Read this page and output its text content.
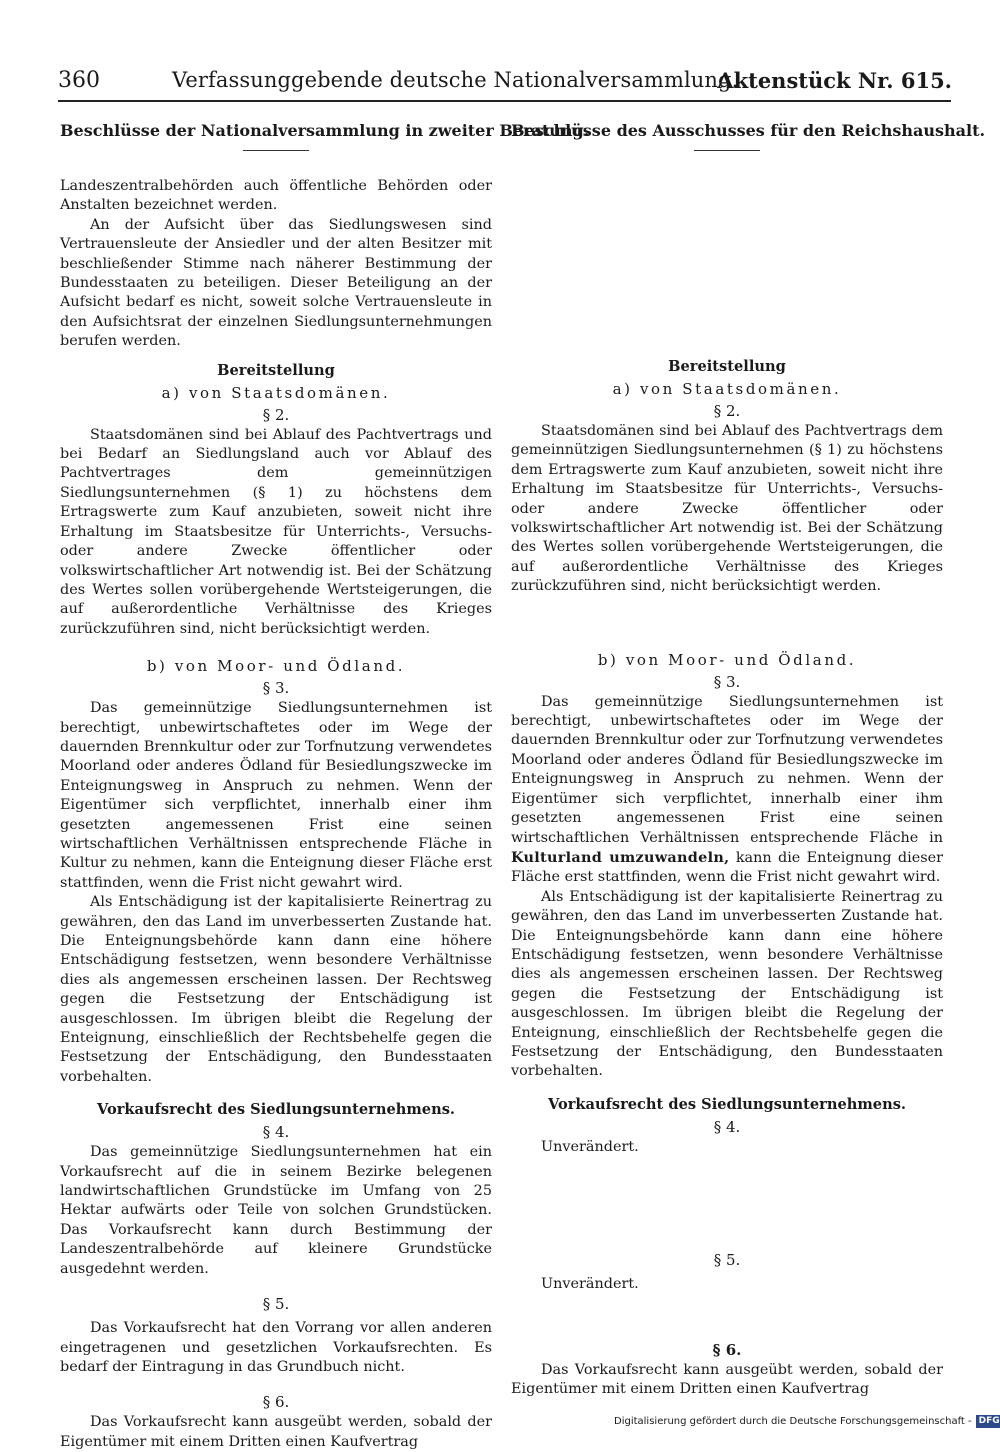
360	Verfassunggebende deutsche Nationalversammlung.
Aktenstück Nr. 615.
Beschlüsse der Nationalversammlung in zweiter Beratung.

Landeszentralbehörden auch öffentliche Behörden oder Anstalten bezeichnet werden.

An der Aufsicht über das Siedlungswesen sind Vertrauensleute der Ansiedler und der alten Besitzer mit beschließender Stimme nach näherer Bestimmung der Bundesstaaten zu beteiligen. Dieser Beteiligung an der Aufsicht bedarf es nicht, soweit solche Vertrauensleute in den Aufsichtsrat der einzelnen Siedlungsunternehmungen berufen werden.

Bereitstellung
a) von Staatsdomänen.
§ 2.

Staatsdomänen sind bei Ablauf des Pachtvertrags und bei Bedarf an Siedlungsland auch vor Ablauf des Pachtvertrages dem gemeinnützigen Siedlungsunternehmen (§ 1) zu höchstens dem Ertragswerte zum Kauf anzubieten, soweit nicht ihre Erhaltung im Staatsbesitze für Unterrichts-, Versuchs- oder andere Zwecke öffentlicher oder volkswirtschaftlicher Art notwendig ist. Bei der Schätzung des Wertes sollen vorübergehende Wertsteigerungen, die auf außerordentliche Verhältnisse des Krieges zurückzuführen sind, nicht berücksichtigt werden.

b) von Moor- und Ödland.
§ 3.

Das gemeinnützige Siedlungsunternehmen ist berechtigt, unbewirtschaftetes oder im Wege der dauernden Brennkultur oder zur Torfnutzung verwendetes Moorland oder anderes Ödland für Besiedlungszwecke im Enteignungsweg in Anspruch zu nehmen. Wenn der Eigentümer sich verpflichtet, innerhalb einer ihm gesetzten angemessenen Frist eine seinen wirtschaftlichen Verhältnissen entsprechende Fläche in Kultur zu nehmen, kann die Enteignung dieser Fläche erst stattfinden, wenn die Frist nicht gewahrt wird.

Als Entschädigung ist der kapitalisierte Reinertrag zu gewähren, den das Land im unverbesserten Zustande hat. Die Enteignungsbehörde kann dann eine höhere Entschädigung festsetzen, wenn besondere Verhältnisse dies als angemessen erscheinen lassen. Der Rechtsweg gegen die Festsetzung der Entschädigung ist ausgeschlossen. Im übrigen bleibt die Regelung der Enteignung, einschließlich der Rechtsbehelfe gegen die Festsetzung der Entschädigung, den Bundesstaaten vorbehalten.

Vorkaufsrecht des Siedlungsunternehmens.
§ 4.

Das gemeinnützige Siedlungsunternehmen hat ein Vorkaufsrecht auf die in seinem Bezirke belegenen landwirtschaftlichen Grundstücke im Umfang von 25 Hektar aufwärts oder Teile von solchen Grundstücken. Das Vorkaufsrecht kann durch Bestimmung der Landeszentralbehörde auf kleinere Grundstücke ausgedehnt werden.

§ 5.

Das Vorkaufsrecht hat den Vorrang vor allen anderen eingetragenen und gesetzlichen Vorkaufsrechten. Es bedarf der Eintragung in das Grundbuch nicht.

§ 6.

Das Vorkaufsrecht kann ausgeübt werden, sobald der Eigentümer mit einem Dritten einen Kaufvertrag

Beschlüsse des Ausschusses für den Reichshaushalt.
Bereitstellung
a) von Staatsdomänen.
§ 2.

Staatsdomänen sind bei Ablauf des Pachtvertrags dem gemeinnützigen Siedlungsunternehmen (§ 1) zu höchstens dem Ertragswerte zum Kauf anzubieten, soweit nicht ihre Erhaltung im Staatsbesitze für Unterrichts-, Versuchs- oder andere Zwecke öffentlicher oder volkswirtschaftlicher Art notwendig ist. Bei der Schätzung des Wertes sollen vorübergehende Wertsteigerungen, die auf außerordentliche Verhältnisse des Krieges zurückzuführen sind, nicht berücksichtigt werden.

b) von Moor- und Ödland.
§ 3.

Das gemeinnützige Siedlungsunternehmen ist berechtigt, unbewirtschaftetes oder im Wege der dauernden Brennkultur oder zur Torfnutzung verwendetes Moorland oder anderes Ödland für Besiedlungszwecke im Enteignungsweg in Anspruch zu nehmen. Wenn der Eigentümer sich verpflichtet, innerhalb einer ihm gesetzten angemessenen Frist eine seinen wirtschaftlichen Verhältnissen entsprechende Fläche in Kulturland umzuwandeln, kann die Enteignung dieser Fläche erst stattfinden, wenn die Frist nicht gewahrt wird.

Als Entschädigung ist der kapitalisierte Reinertrag zu gewähren, den das Land im unverbesserten Zustande hat. Die Enteignungsbehörde kann dann eine höhere Entschädigung festsetzen, wenn besondere Verhältnisse dies als angemessen erscheinen lassen. Der Rechtsweg gegen die Festsetzung der Entschädigung ist ausgeschlossen. Im übrigen bleibt die Regelung der Enteignung, einschließlich der Rechtsbehelfe gegen die Festsetzung der Entschädigung, den Bundesstaaten vorbehalten.

Vorkaufsrecht des Siedlungsunternehmens.
§ 4.
Unverändert.
§ 5.
Unverändert.
§ 6.

Das Vorkaufsrecht kann ausgeübt werden, sobald der Eigentümer mit einem Dritten einen Kaufvertrag

Digitalisierung gefördert durch die Deutsche Forschungsgemeinschaft - DFG
